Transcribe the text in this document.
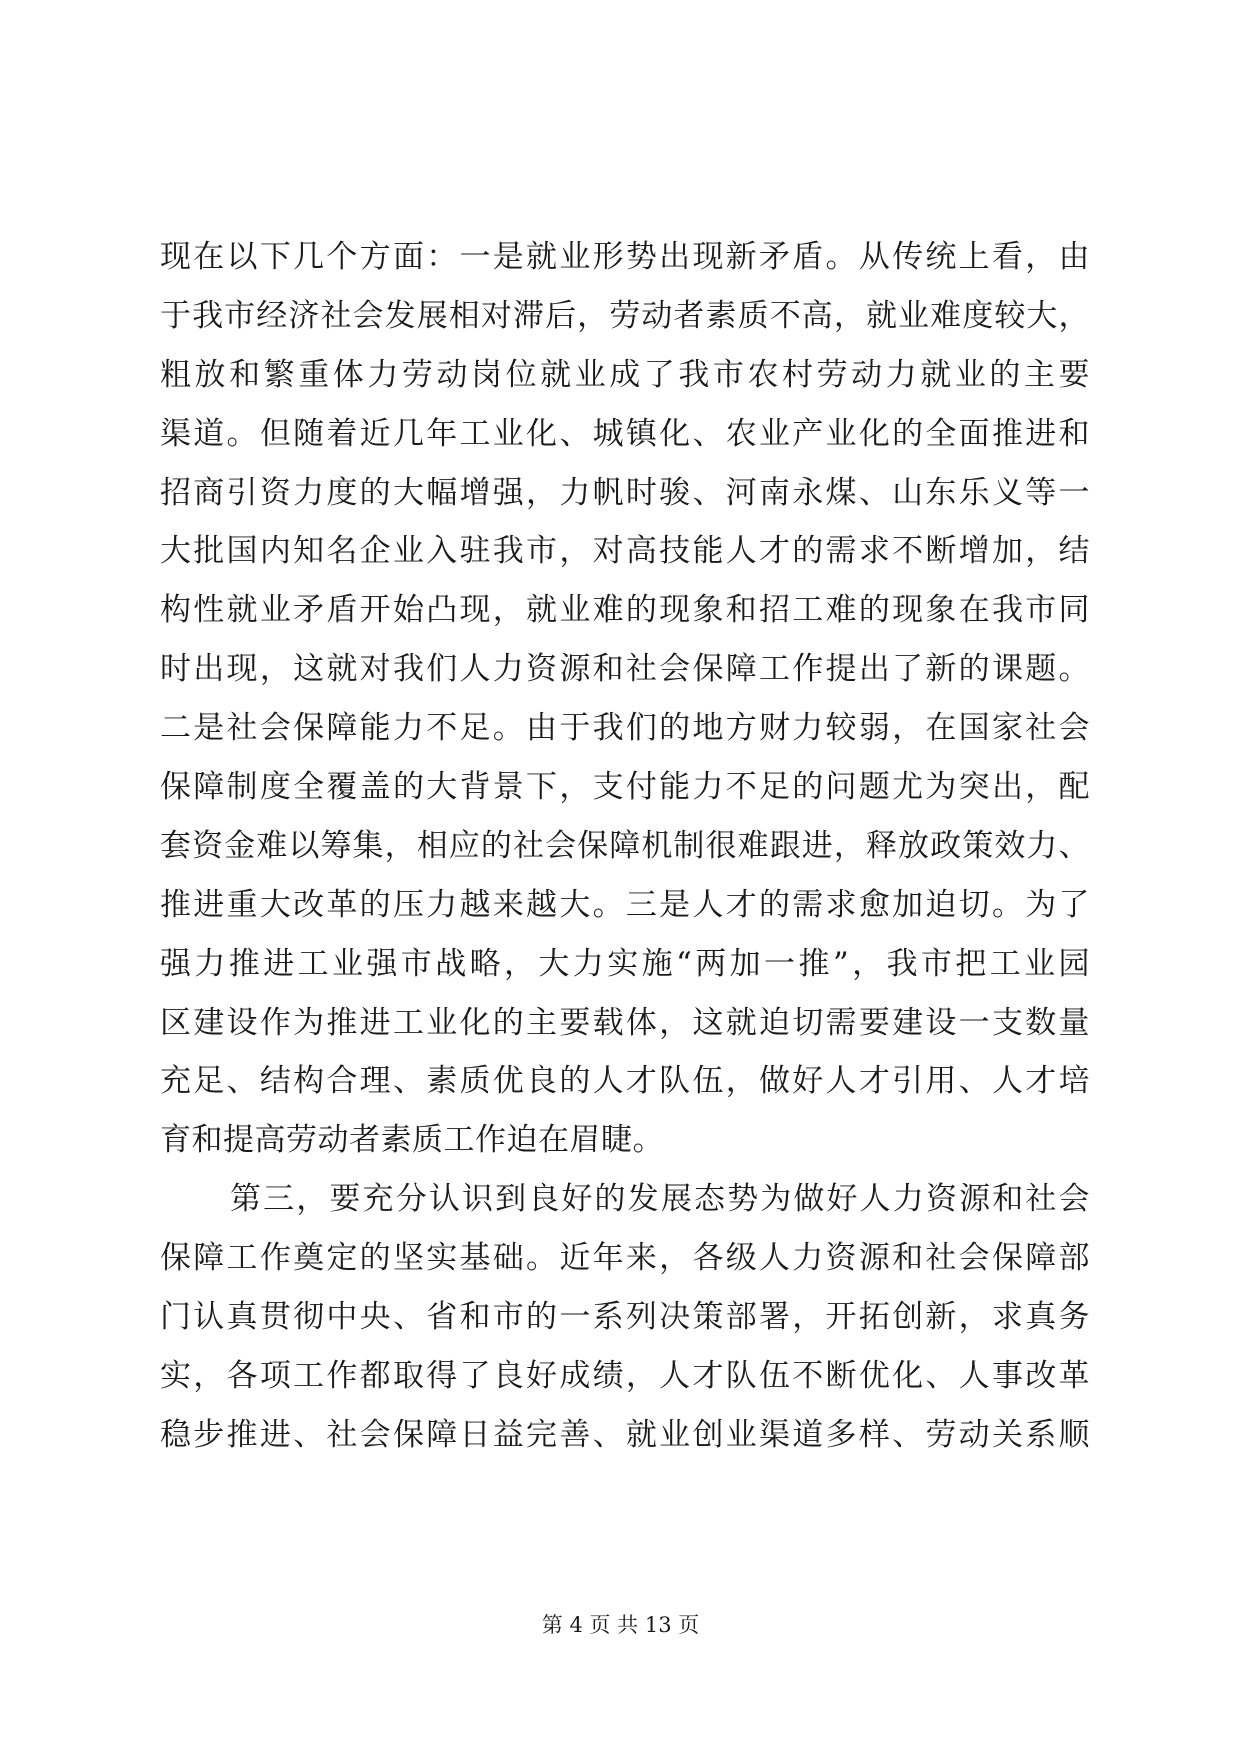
现在以下几个方面：一是就业形势出现新矛盾。从传统上看，由
于我市经济社会发展相对滞后，劳动者素质不高，就业难度较大，
粗放和繁重体力劳动岗位就业成了我市农村劳动力就业的主要
渠道。但随着近几年工业化、城镇化、农业产业化的全面推进和
招商引资力度的大幅增强，力帆时骏、河南永煤、山东乐义等一
大批国内知名企业入驻我市，对高技能人才的需求不断增加，结
构性就业矛盾开始凸现，就业难的现象和招工难的现象在我市同
时出现，这就对我们人力资源和社会保障工作提出了新的课题。
二是社会保障能力不足。由于我们的地方财力较弱，在国家社会
保障制度全覆盖的大背景下，支付能力不足的问题尤为突出，配
套资金难以筹集，相应的社会保障机制很难跟进，释放政策效力、
推进重大改革的压力越来越大。三是人才的需求愈加迫切。为了
强力推进工业强市战略，大力实施“两加一推”，我市把工业园
区建设作为推进工业化的主要载体，这就迫切需要建设一支数量
充足、结构合理、素质优良的人才队伍，做好人才引用、人才培
育和提高劳动者素质工作迫在眉睫。
第三，要充分认识到良好的发展态势为做好人力资源和社会
保障工作奠定的坚实基础。近年来，各级人力资源和社会保障部
门认真贯彻中央、省和市的一系列决策部署，开拓创新，求真务
实，各项工作都取得了良好成绩，人才队伍不断优化、人事改革
稳步推进、社会保障日益完善、就业创业渠道多样、劳动关系顺
第 4 页 共 13 页
